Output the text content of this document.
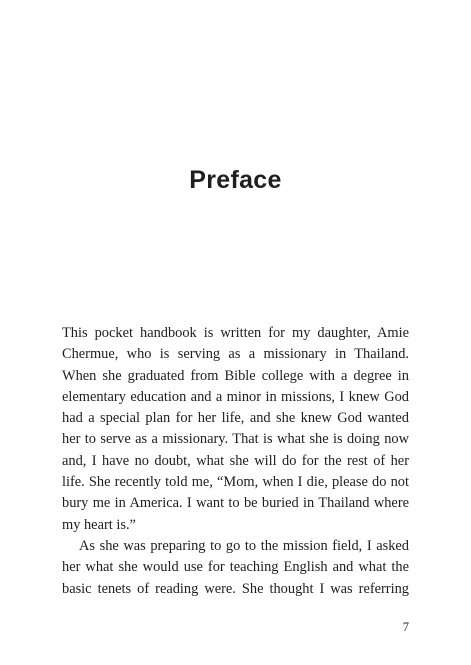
Preface
This pocket handbook is written for my daughter, Amie
Chermue, who is serving as a missionary in Thailand.
When she graduated from Bible college with a degree in
elementary education and a minor in missions, I knew God
had a special plan for her life, and she knew God wanted
her to serve as a missionary. That is what she is doing now
and, I have no doubt, what she will do for the rest of her
life. She recently told me, “Mom, when I die, please do not
bury me in America. I want to be buried in Thailand where
my heart is.”
As she was preparing to go to the mission field, I asked
her what she would use for teaching English and what the
basic tenets of reading were. She thought I was referring
7
